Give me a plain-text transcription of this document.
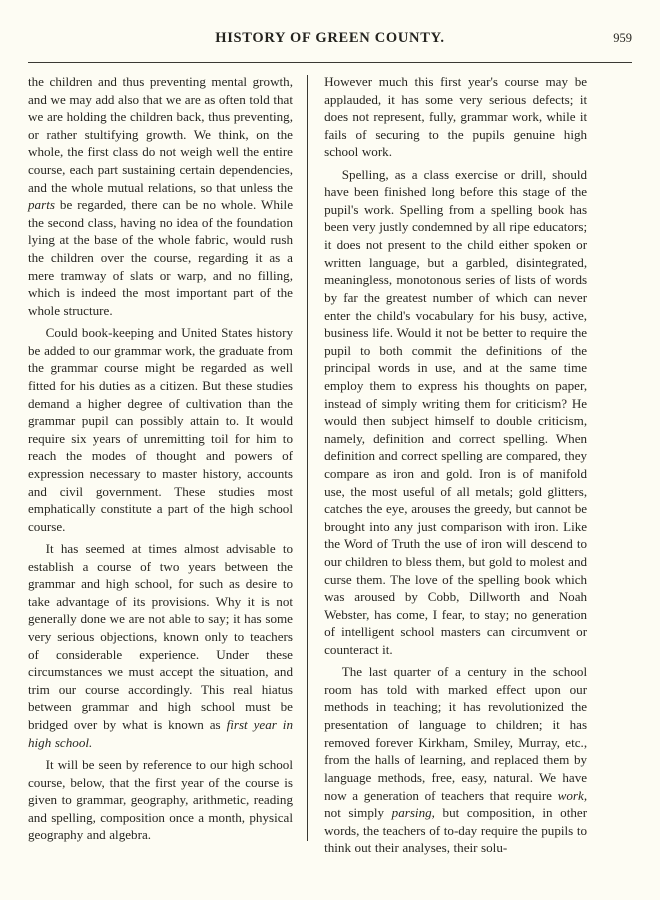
HISTORY OF GREEN COUNTY.	959

the children and thus preventing mental growth, and we may add also that we are as often told that we are holding the children back, thus preventing, or rather stultifying growth. We think, on the whole, the first class do not weigh well the entire course, each part sustaining certain dependencies, and the whole mutual relations, so that unless the parts be regarded, there can be no whole. While the second class, having no idea of the foundation lying at the base of the whole fabric, would rush the children over the course, regarding it as a mere tramway of slats or warp, and no filling, which is indeed the most important part of the whole structure.

Could book-keeping and United States history be added to our grammar work, the graduate from the grammar course might be regarded as well fitted for his duties as a citizen. But these studies demand a higher degree of cultivation than the grammar pupil can possibly attain to. It would require six years of unremitting toil for him to reach the modes of thought and powers of expression necessary to master history, accounts and civil government. These studies most emphatically constitute a part of the high school course.

It has seemed at times almost advisable to establish a course of two years between the grammar and high school, for such as desire to take advantage of its provisions. Why it is not generally done we are not able to say; it has some very serious objections, known only to teachers of considerable experience. Under these circumstances we must accept the situation, and trim our course accordingly. This real hiatus between grammar and high school must be bridged over by what is known as first year in high school.

It will be seen by reference to our high school course, below, that the first year of the course is given to grammar, geography, arithmetic, reading and spelling, composition once a month, physical geography and algebra.

However much this first year's course may be applauded, it has some very serious defects; it does not represent, fully, grammar work, while it fails of securing to the pupils genuine high school work.

Spelling, as a class exercise or drill, should have been finished long before this stage of the pupil's work. Spelling from a spelling book has been very justly condemned by all ripe educators; it does not present to the child either spoken or written language, but a garbled, disintegrated, meaningless, monotonous series of lists of words by far the greatest number of which can never enter the child's vocabulary for his busy, active, business life. Would it not be better to require the pupil to both commit the definitions of the principal words in use, and at the same time employ them to express his thoughts on paper, instead of simply writing them for criticism? He would then subject himself to double criticism, namely, definition and correct spelling. When definition and correct spelling are compared, they compare as iron and gold. Iron is of manifold use, the most useful of all metals; gold glitters, catches the eye, arouses the greedy, but cannot be brought into any just comparison with iron. Like the Word of Truth the use of iron will descend to our children to bless them, but gold to molest and curse them. The love of the spelling book which was aroused by Cobb, Dillworth and Noah Webster, has come, I fear, to stay; no generation of intelligent school masters can circumvent or counteract it.

The last quarter of a century in the school room has told with marked effect upon our methods in teaching; it has revolutionized the presentation of language to children; it has removed forever Kirkham, Smiley, Murray, etc., from the halls of learning, and replaced them by language methods, free, easy, natural. We have now a generation of teachers that require work, not simply parsing, but composition, in other words, the teachers of to-day require the pupils to think out their analyses, their solu-
